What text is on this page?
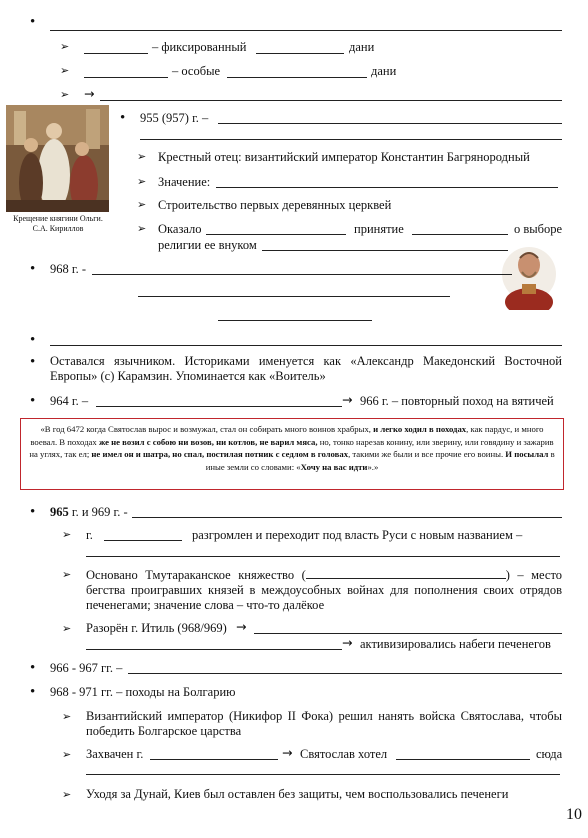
•
➢	– фиксированный	дани
➢	– особые	дани
➢ →
Крещение княгини Ольги.
С.А. Кириллов
• 955 (957) г. –
➢ Крестный отец: византийский император Константин Багрянородный
➢ Значение:
➢ Строительство первых деревянных церквей
➢ Оказало	принятие	о выборе
религии ее внуком
• 968 г. -
•
• Оставался язычником. Историками именуется как «Александр Македонский Восточной Европы» (с) Карамзин. Упоминается как «Воитель»
• 964 г. –	→ 966 г. – повторный поход на вятичей
«В год 6472 когда Святослав вырос и возмужал, стал он собирать много воинов храбрых, и легко ходил в походах, как пардус, и много воевал. В походах же не возил с собою ни возов, ни котлов, не варил мяса, но, тонко нарезав конину, или зверину, или говядину и зажарив на углях, так ел; не имел он и шатра, но спал, постилая потник с седлом в головах, такими же были и все прочие его воины. И посылал в иные земли со словами: «Хочу на вас идти».»
• 965 г. и 969 г. -
➢ г.	разгромлен и переходит под власть Руси с новым названием –
➢ Основано Тмутараканское княжество (	) – место бегства проигравших князей в междоусобных войнах для пополнения своих отрядов печенегами; значение слова – что-то далёкое
➢ Разорён г. Итиль (968/969) →
→ активизировались набеги печенегов
• 966 - 967 гг. –
• 968 - 971 гг. – походы на Болгарию
➢ Византийский император (Никифор II Фока) решил нанять войска Святослава, чтобы победить Болгарское царства
➢ Захвачен г.	→ Святослав хотел	сюда
➢ Уходя за Дунай, Киев был оставлен без защиты, чем воспользовались печенеги
10
